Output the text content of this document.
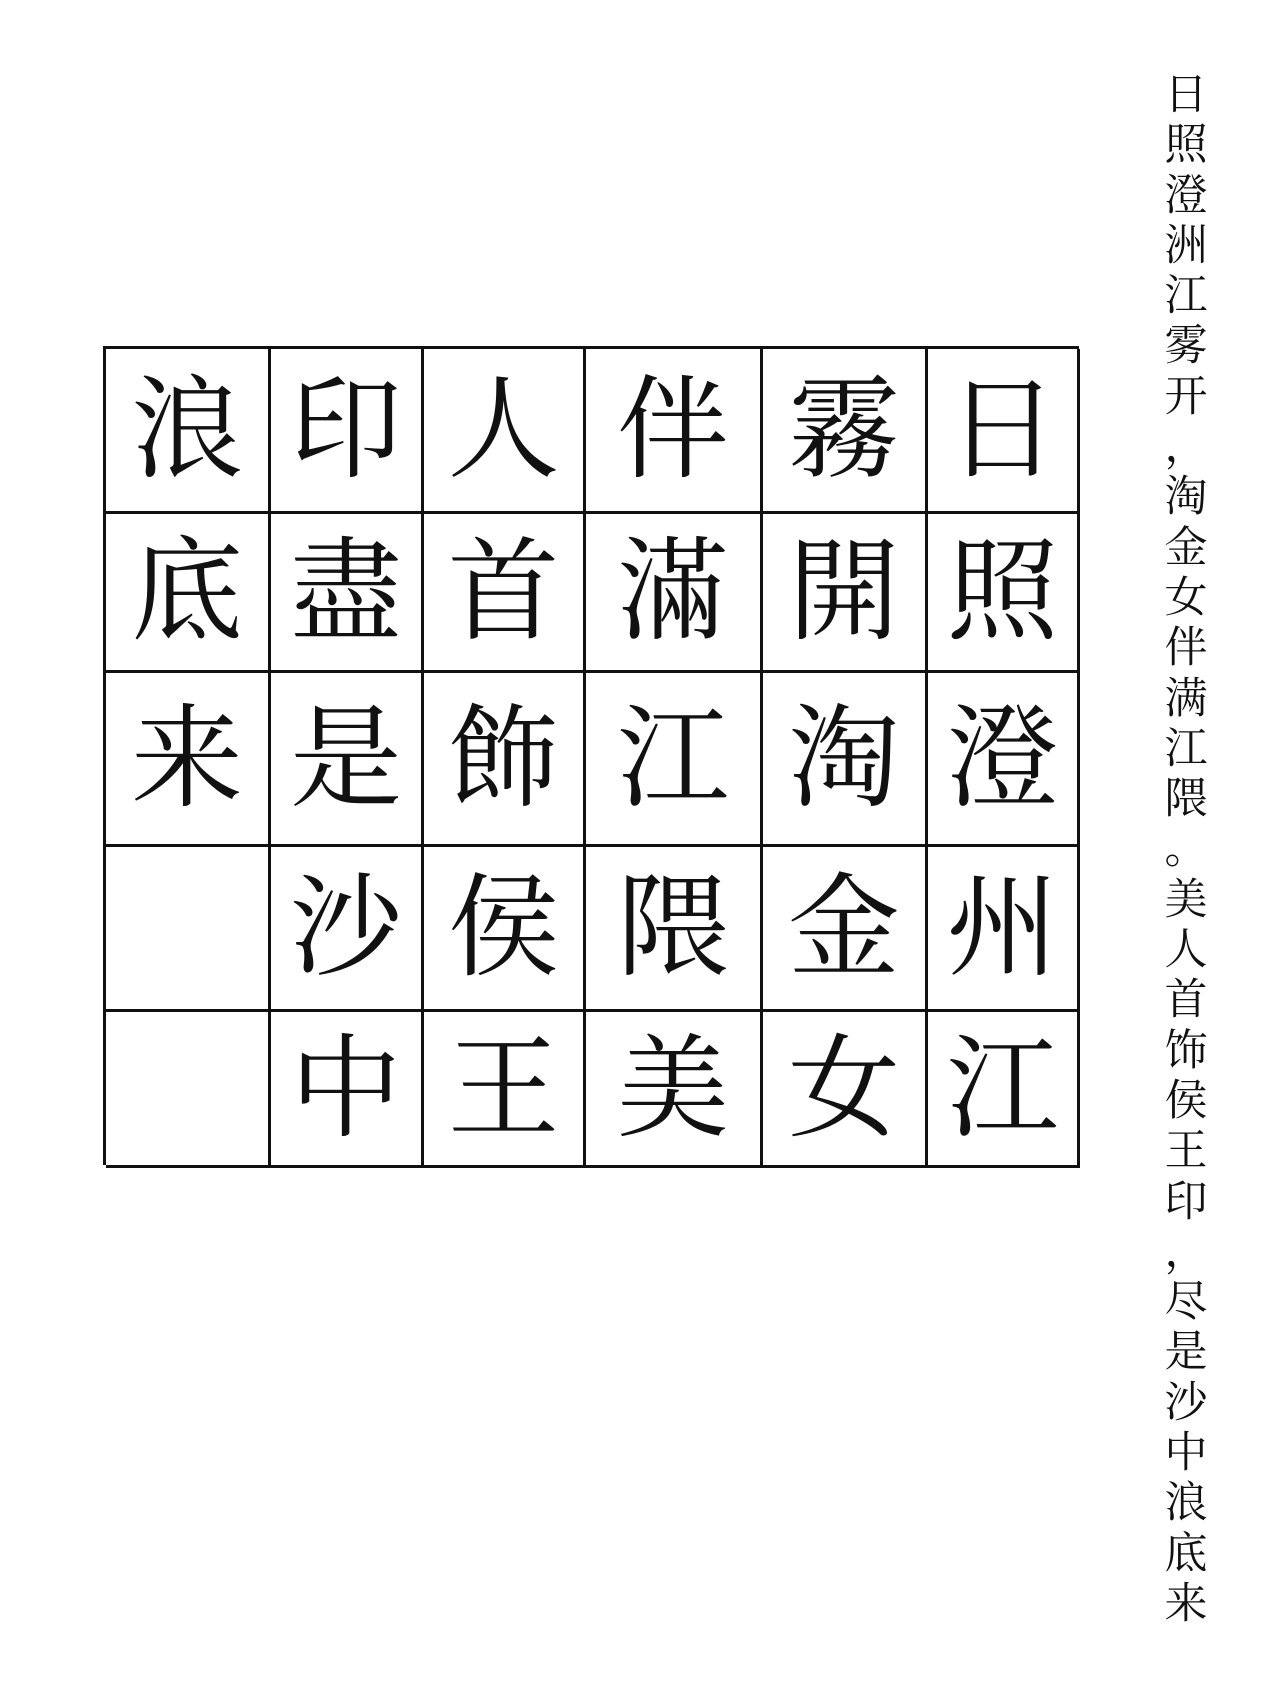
浪 印 人 伴 霧 日
底 盡 首 滿 開 照
来 是 飾 江 淘 澄
沙 侯 隈 金 州
中 王 美 女 江
日
照
澄
洲
江
雾
开
，
淘
金
女
伴
满
江
隈
。
美
人
首
饰
侯
王
印
，
尽
是
沙
中
浪
底
来
